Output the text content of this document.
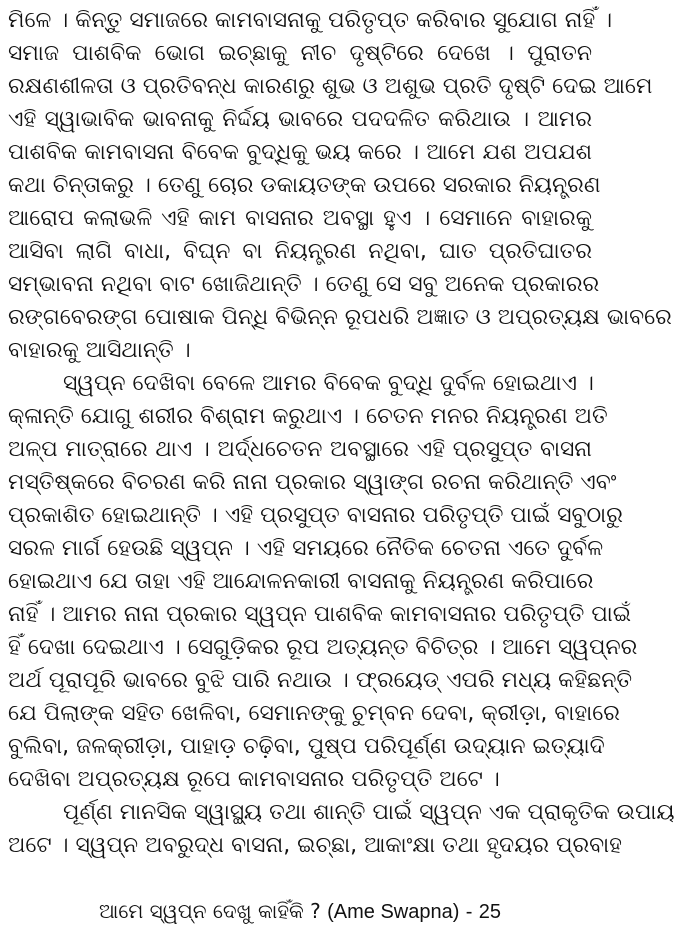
ମିଳେ । କିନ୍ତୁ ସମାଜରେ କାମବାସନାକୁ ପରିତୃପ୍ତ କରିବାର ସୁଯୋଗ ନାହିଁ ।
ସମାଜ ପାଶବିକ ଭୋଗ ଇଚ୍ଛାକୁ ନୀଚ ଦୃଷ୍ଟିରେ ଦେଖେ । ପୁରାତନ
ରକ୍ଷଣଶୀଳତା ଓ ପ୍ରତିବନ୍ଧ କାରଣରୁ ଶୁଭ ଓ ଅଶୁଭ ପ୍ରତି ଦୃଷ୍ଟି ଦେଇ ଆମେ
ଏହି ସ୍ୱାଭାବିକ ଭାବନାକୁ ନିର୍ଦ୍ଦୟ ଭାବରେ ପଦଦଳିତ କରିଥାଉ । ଆମର
ପାଶବିକ କାମବାସନା ବିବେକ ବୁଦ୍ଧିକୁ ଭୟ କରେ । ଆମେ ଯଶ ଅପଯଶ
କଥା ଚିନ୍ତାକରୁ । ତେଣୁ ଚୋର ଡକାୟତଙ୍କ ଉପରେ ସରକାର ନିୟନ୍ତ୍ରଣ
ଆରୋପ କଲାଭଳି ଏହି କାମ ବାସନାର ଅବସ୍ଥା ହୁଏ । ସେମାନେ ବାହାରକୁ
ଆସିବା ଲାଗି ବାଧା, ବିଘ୍ନ ବା ନିୟନ୍ତ୍ରଣ ନଥିବା, ଘାତ ପ୍ରତିଘାତର
ସମ୍ଭାବନା ନଥିବା ବାଟ ଖୋଜିଥାନ୍ତି । ତେଣୁ ସେ ସବୁ ଅନେକ ପ୍ରକାରର
ରଙ୍ଗବେରଙ୍ଗ ପୋଷାକ ପିନ୍ଧି ବିଭିନ୍ନ ରୂପଧରି ଅଜ୍ଞାତ ଓ ଅପ୍ରତ୍ୟକ୍ଷ ଭାବରେ
ବାହାରକୁ ଆସିଥାନ୍ତି ।
ସ୍ୱପ୍ନ ଦେଖିବା ବେଳେ ଆମର ବିବେକ ବୁଦ୍ଧି ଦୁର୍ବଳ ହୋଇଥାଏ ।
କ୍ଳାନ୍ତି ଯୋଗୁ ଶରୀର ବିଶ୍ରାମ କରୁଥାଏ । ଚେତନ ମନର ନିୟନ୍ତ୍ରଣ ଅତି
ଅଳ୍ପ ମାତ୍ରାରେ ଥାଏ । ଅର୍ଦ୍ଧଚେତନ ଅବସ୍ଥାରେ ଏହି ପ୍ରସୁପ୍ତ ବାସନା
ମସ୍ତିଷ୍କରେ ବିଚରଣ କରି ନାନା ପ୍ରକାର ସ୍ୱାଙ୍ଗ ରଚନା କରିଥାନ୍ତି ଏବଂ
ପ୍ରକାଶିତ ହୋଇଥାନ୍ତି । ଏହି ପ୍ରସୁପ୍ତ ବାସନାର ପରିତୃପ୍ତି ପାଇଁ ସବୁଠାରୁ
ସରଳ ମାର୍ଗ ହେଉଛି ସ୍ୱପ୍ନ । ଏହି ସମୟରେ ନୈତିକ ଚେତନା ଏତେ ଦୁର୍ବଳ
ହୋଇଥାଏ ଯେ ତାହା ଏହି ଆନ୍ଦୋଳନକାରୀ ବାସନାକୁ ନିୟନ୍ତ୍ରଣ କରିପାରେ
ନାହିଁ । ଆମର ନାନା ପ୍ରକାର ସ୍ୱପ୍ନ ପାଶବିକ କାମବାସନାର ପରିତୃପ୍ତି ପାଇଁ
ହିଁ ଦେଖା ଦେଇଥାଏ । ସେଗୁଡ଼ିକର ରୂପ ଅତ୍ୟନ୍ତ ବିଚିତ୍ର । ଆମେ ସ୍ୱପ୍ନର
ଅର୍ଥ ପୂରାପୂରି ଭାବରେ ବୁଝି ପାରି ନଥାଉ । ଫ୍ରୟେଡ୍ ଏପରି ମଧ୍ୟ କହିଛନ୍ତି
ଯେ ପିଲାଙ୍କ ସହିତ ଖେଳିବା, ସେମାନଙ୍କୁ ଚୁମ୍ବନ ଦେବା, କ୍ରୀଡ଼ା, ବାହାରେ
ବୁଲିବା, ଜଳକ୍ରୀଡ଼ା, ପାହାଡ଼ ଚଢ଼ିବା, ପୁଷ୍ପ ପରିପୂର୍ଣ୍ଣ ଉଦ୍ୟାନ ଇତ୍ୟାଦି
ଦେଖିବା ଅପ୍ରତ୍ୟକ୍ଷ ରୂପେ କାମବାସନାର ପରିତୃପ୍ତି ଅଟେ ।
ପୂର୍ଣ୍ଣ ମାନସିକ ସ୍ୱାସ୍ଥ୍ୟ ତଥା ଶାନ୍ତି ପାଇଁ ସ୍ୱପ୍ନ ଏକ ପ୍ରାକୃତିକ ଉପାୟ
ଅଟେ । ସ୍ୱପ୍ନ ଅବରୁଦ୍ଧ ବାସନା, ଇଚ୍ଛା, ଆକାଂକ୍ଷା ତଥା ହୃଦୟର ପ୍ରବାହ
ଆମେ ସ୍ୱପ୍ନ ଦେଖୁ କାହିଁକି ? (Ame Swapna) - 25
